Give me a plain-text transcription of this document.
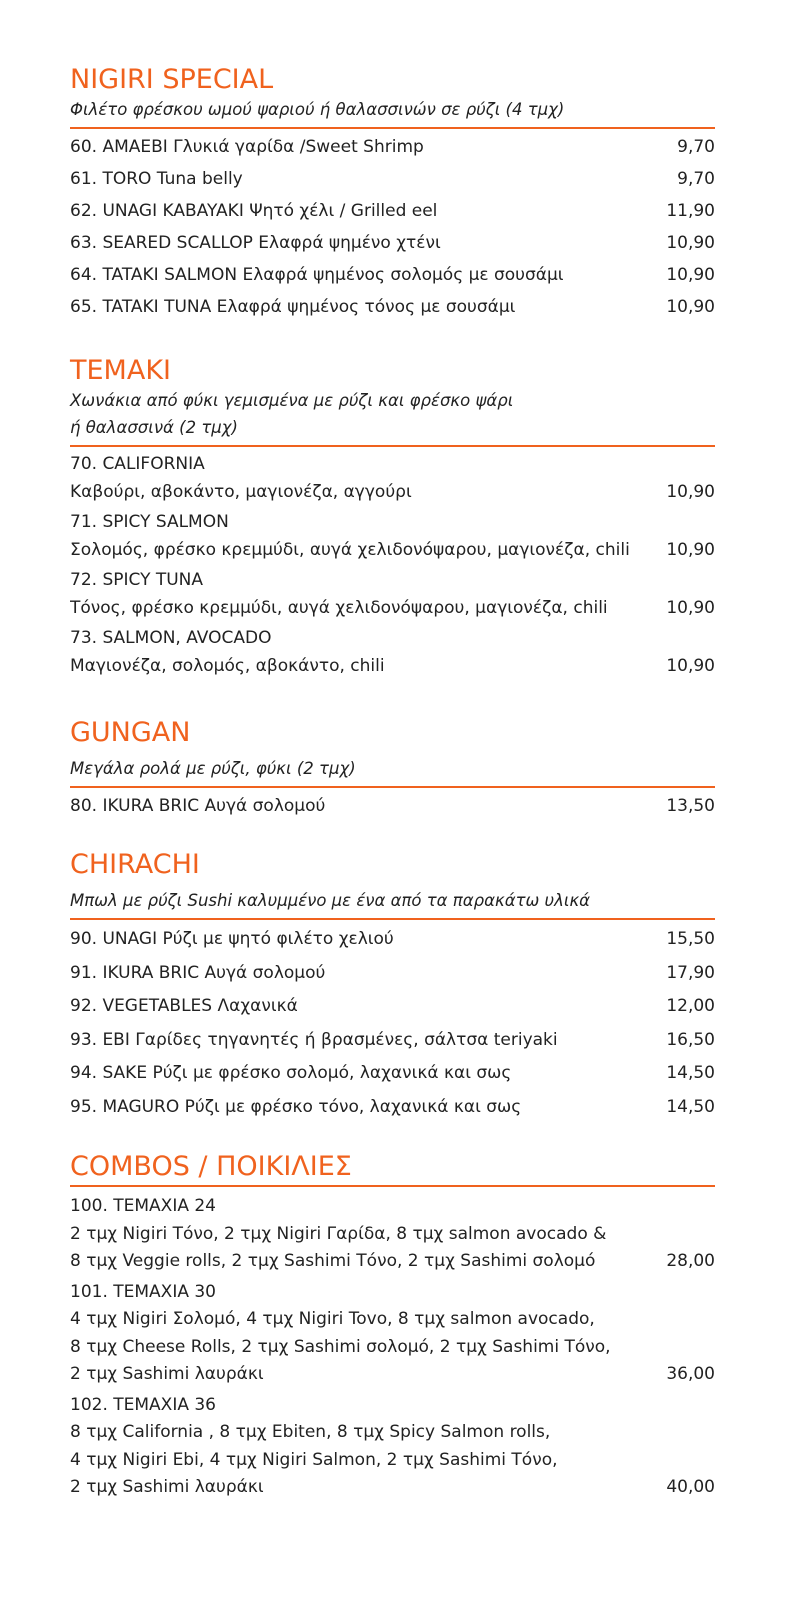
NIGIRI SPECIAL

Φιλέτο φρέσκου ωμού ψαριού ή θαλασσινών σε ρύζι (4 τμχ)

60. AMAEBI Γλυκιά γαρίδα /Sweet Shrimp	9,70
61. TORO Tuna belly	9,70
62. UNAGI KABAYAKI Ψητό χέλι / Grilled eel	11,90
63. SEARED SCALLOP Ελαφρά ψημένο χτένι	10,90
64. TATAKI SALMON Ελαφρά ψημένος σολομός με σουσάμι	10,90
65. TATAKI TUNA Ελαφρά ψημένος τόνος με σουσάμι	10,90
TEMAKI

Χωνάκια από φύκι γεμισμένα με ρύζι και φρέσκο ψάρι
ή θαλασσινά (2 τμχ)

70. CALIFORNIA
Καβούρι, αβοκάντο, μαγιονέζα, αγγούρι	10,90
71. SPICY SALMON
Σολομός, φρέσκο κρεμμύδι, αυγά χελιδονόψαρου, μαγιονέζα, chili	10,90
72. SPICY TUNA
Τόνος, φρέσκο κρεμμύδι, αυγά χελιδονόψαρου, μαγιονέζα, chili	10,90
73. SALMON, AVOCADO
Μαγιονέζα, σολομός, αβοκάντο, chili	10,90
GUNGAN

Μεγάλα ρολά με ρύζι, φύκι (2 τμχ)

80. IKURA BRIC Αυγά σολομού	13,50
CHIRACHI

Μπωλ με ρύζι Sushi καλυμμένο με ένα από τα παρακάτω υλικά

90. UNAGI Ρύζι με ψητό φιλέτο χελιού	15,50
91. IKURA BRIC Αυγά σολομού	17,90
92. VEGETABLES Λαχανικά	12,00
93. EBI Γαρίδες τηγανητές ή βρασμένες, σάλτσα teriyaki	16,50
94. SAKE Ρύζι με φρέσκο σολομό, λαχανικά και σως	14,50
95. MAGURO Ρύζι με φρέσκο τόνο, λαχανικά και σως	14,50
COMBOS / ΠΟΙΚΙΛΙΕΣ
100. TEMAXIA 24
2 τμχ Nigiri Τόνο, 2 τμχ Nigiri Γαρίδα, 8 τμχ salmon avocado &
8 τμχ Veggie rolls, 2 τμχ Sashimi Τόνο, 2 τμχ Sashimi σολομό	28,00
101. TEMAXIA 30
4 τμχ Nigiri Σολομό, 4 τμχ Nigiri Tovo, 8 τμχ salmon avocado,
8 τμχ Cheese Rolls, 2 τμχ Sashimi σολομό, 2 τμχ Sashimi Τόνο,
2 τμχ Sashimi λαυράκι	36,00
102. TEMAXIA 36
8 τμχ California , 8 τμχ Ebiten, 8 τμχ Spicy Salmon rolls,
4 τμχ Nigiri Ebi, 4 τμχ Nigiri Salmon, 2 τμχ Sashimi Τόνο,
2 τμχ Sashimi λαυράκι	40,00
